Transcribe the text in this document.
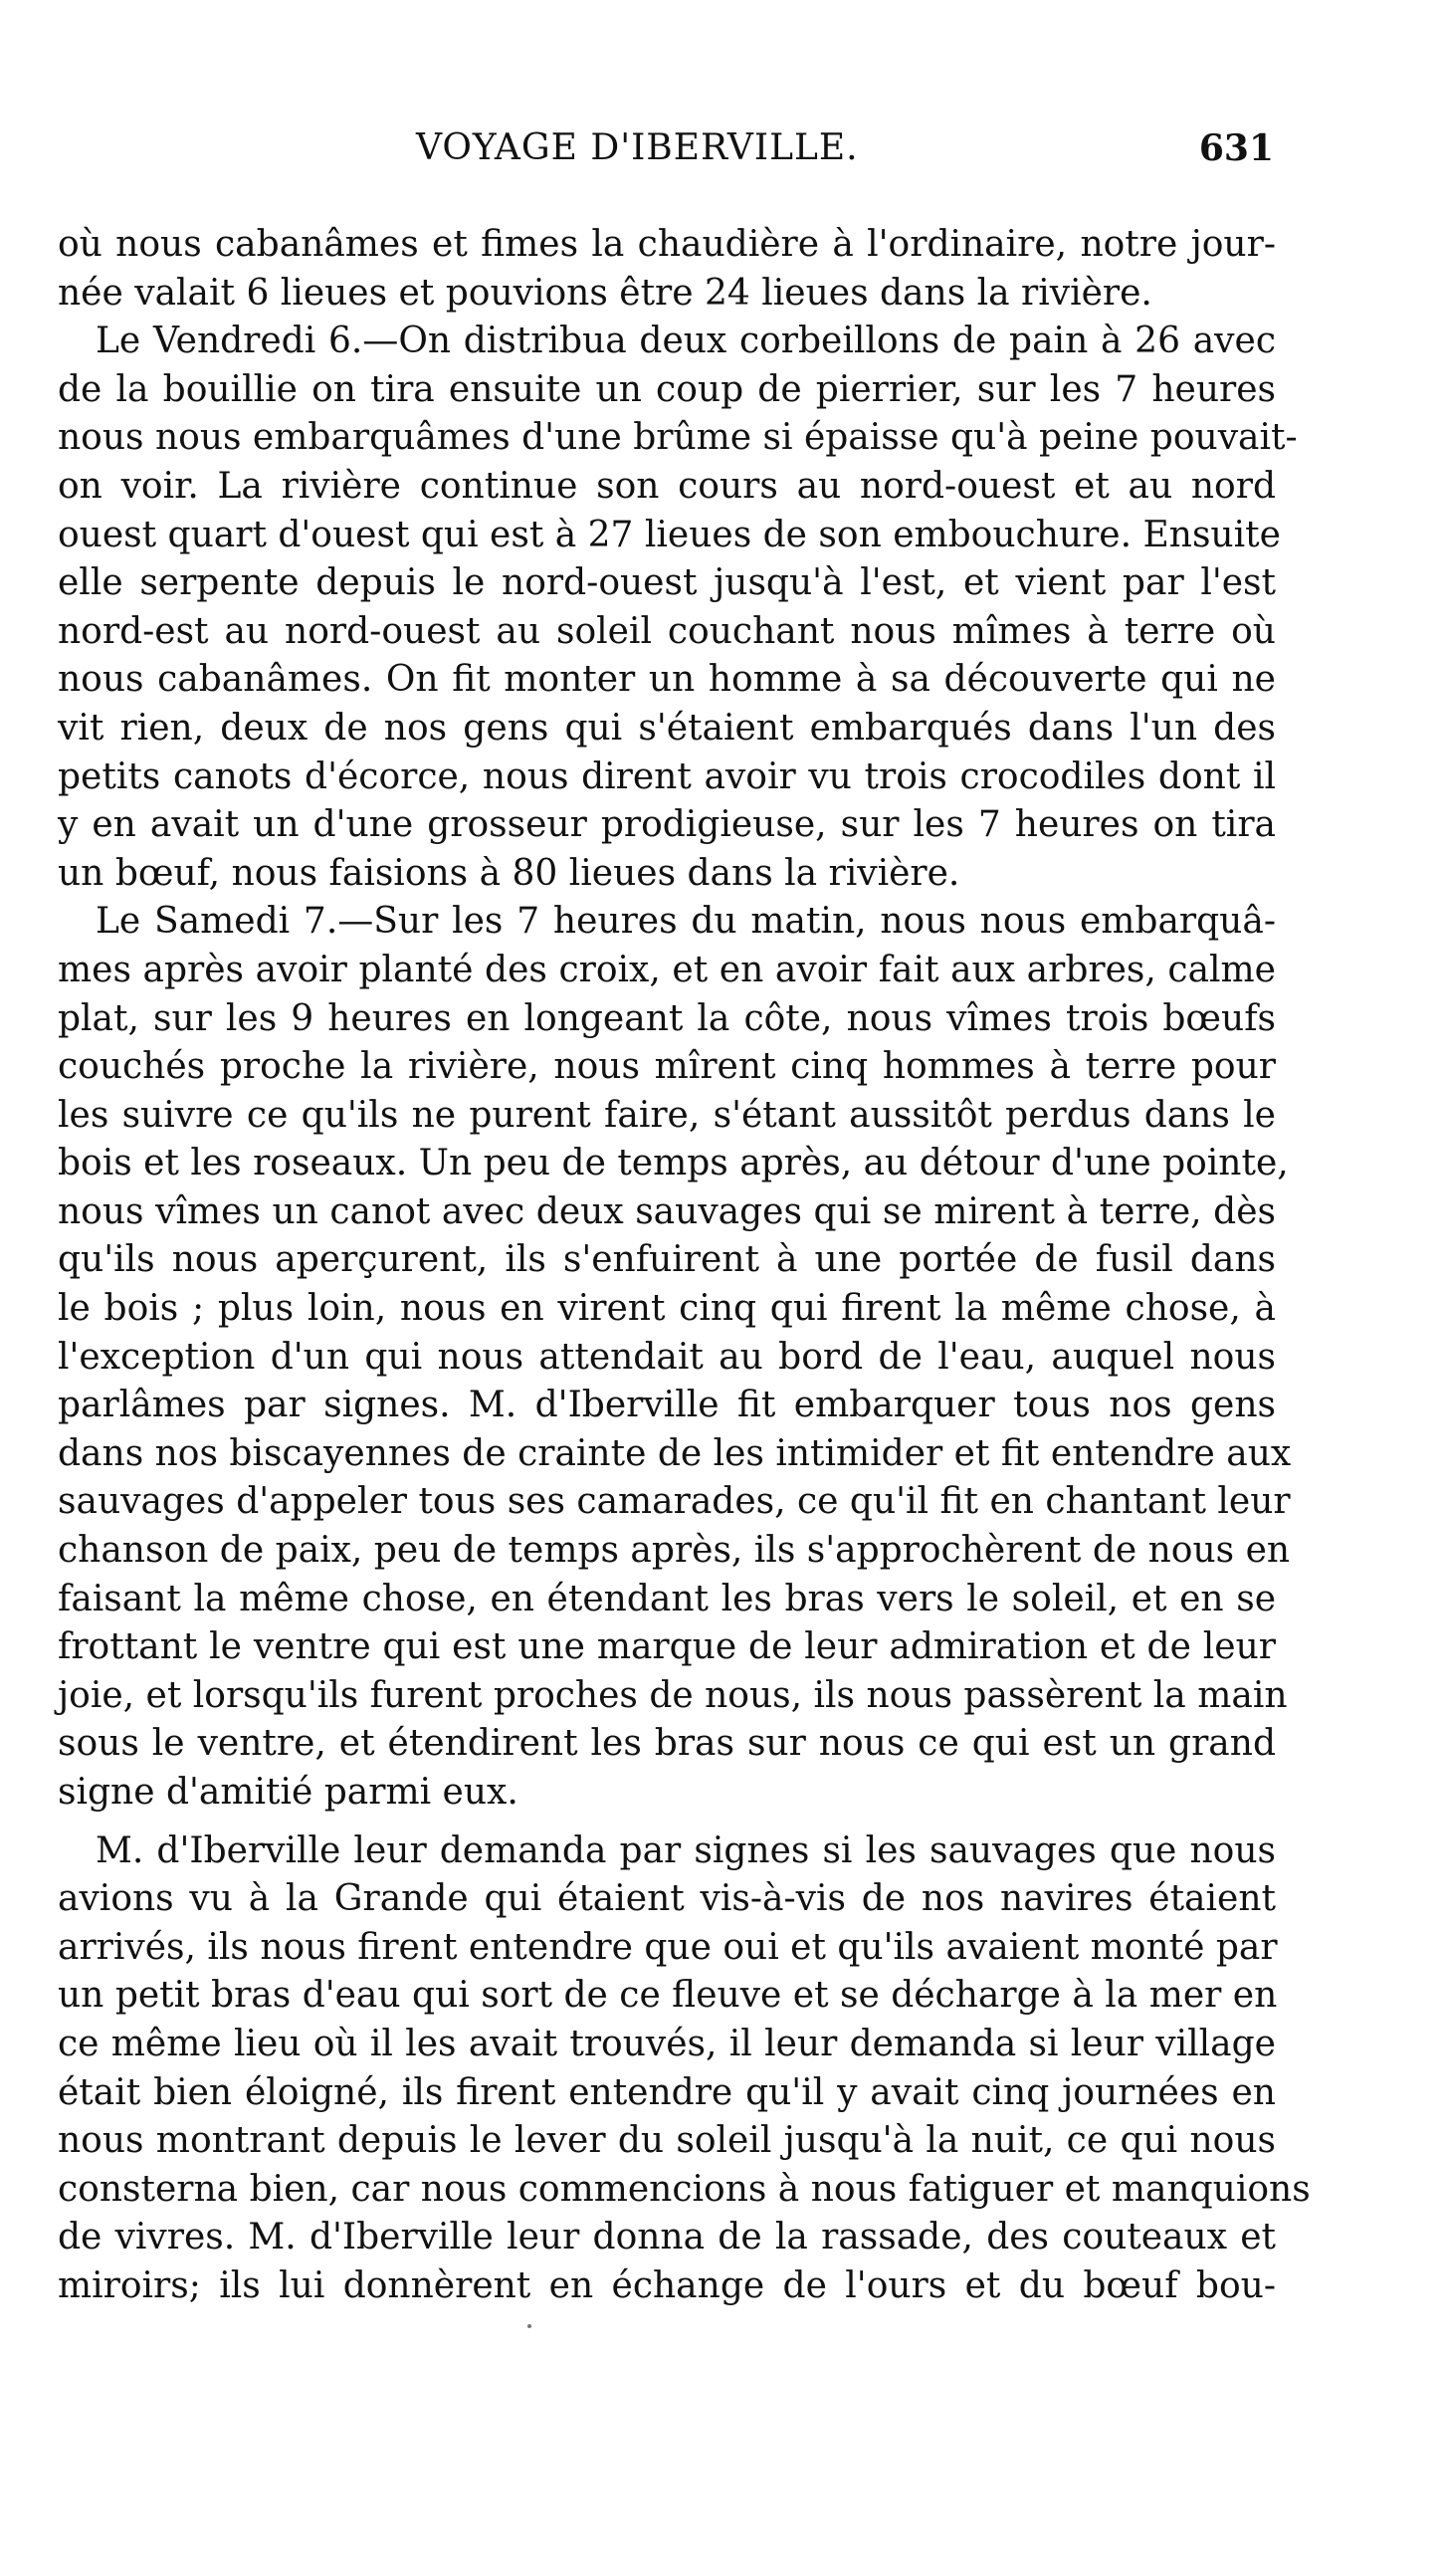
VOYAGE D'IBERVILLE.	631
où nous cabanâmes et fimes la chaudière à l'ordinaire, notre jour-
née valait 6 lieues et pouvions être 24 lieues dans la rivière.
Le Vendredi 6.—On distribua deux corbeillons de pain à 26 avec
de la bouillie on tira ensuite un coup de pierrier, sur les 7 heures
nous nous embarquâmes d'une brûme si épaisse qu'à peine pouvait-
on voir. La rivière continue son cours au nord-ouest et au nord
ouest quart d'ouest qui est à 27 lieues de son embouchure. Ensuite
elle serpente depuis le nord-ouest jusqu'à l'est, et vient par l'est
nord-est au nord-ouest au soleil couchant nous mîmes à terre où
nous cabanâmes. On fit monter un homme à sa découverte qui ne
vit rien, deux de nos gens qui s'étaient embarqués dans l'un des
petits canots d'écorce, nous dirent avoir vu trois crocodiles dont il
y en avait un d'une grosseur prodigieuse, sur les 7 heures on tira
un bœuf, nous faisions à 80 lieues dans la rivière.
Le Samedi 7.—Sur les 7 heures du matin, nous nous embarquâ-
mes après avoir planté des croix, et en avoir fait aux arbres, calme
plat, sur les 9 heures en longeant la côte, nous vîmes trois bœufs
couchés proche la rivière, nous mîrent cinq hommes à terre pour
les suivre ce qu'ils ne purent faire, s'étant aussitôt perdus dans le
bois et les roseaux. Un peu de temps après, au détour d'une pointe,
nous vîmes un canot avec deux sauvages qui se mirent à terre, dès
qu'ils nous aperçurent, ils s'enfuirent à une portée de fusil dans
le bois ; plus loin, nous en virent cinq qui firent la même chose, à
l'exception d'un qui nous attendait au bord de l'eau, auquel nous
parlâmes par signes. M. d'Iberville fit embarquer tous nos gens
dans nos biscayennes de crainte de les intimider et fit entendre aux
sauvages d'appeler tous ses camarades, ce qu'il fit en chantant leur
chanson de paix, peu de temps après, ils s'approchèrent de nous en
faisant la même chose, en étendant les bras vers le soleil, et en se
frottant le ventre qui est une marque de leur admiration et de leur
joie, et lorsqu'ils furent proches de nous, ils nous passèrent la main
sous le ventre, et étendirent les bras sur nous ce qui est un grand
signe d'amitié parmi eux.
M. d'Iberville leur demanda par signes si les sauvages que nous
avions vu à la Grande qui étaient vis-à-vis de nos navires étaient
arrivés, ils nous firent entendre que oui et qu'ils avaient monté par
un petit bras d'eau qui sort de ce fleuve et se décharge à la mer en
ce même lieu où il les avait trouvés, il leur demanda si leur village
était bien éloigné, ils firent entendre qu'il y avait cinq journées en
nous montrant depuis le lever du soleil jusqu'à la nuit, ce qui nous
consterna bien, car nous commencions à nous fatiguer et manquions
de vivres. M. d'Iberville leur donna de la rassade, des couteaux et
miroirs; ils lui donnèrent en échange de l'ours et du bœuf bou-
